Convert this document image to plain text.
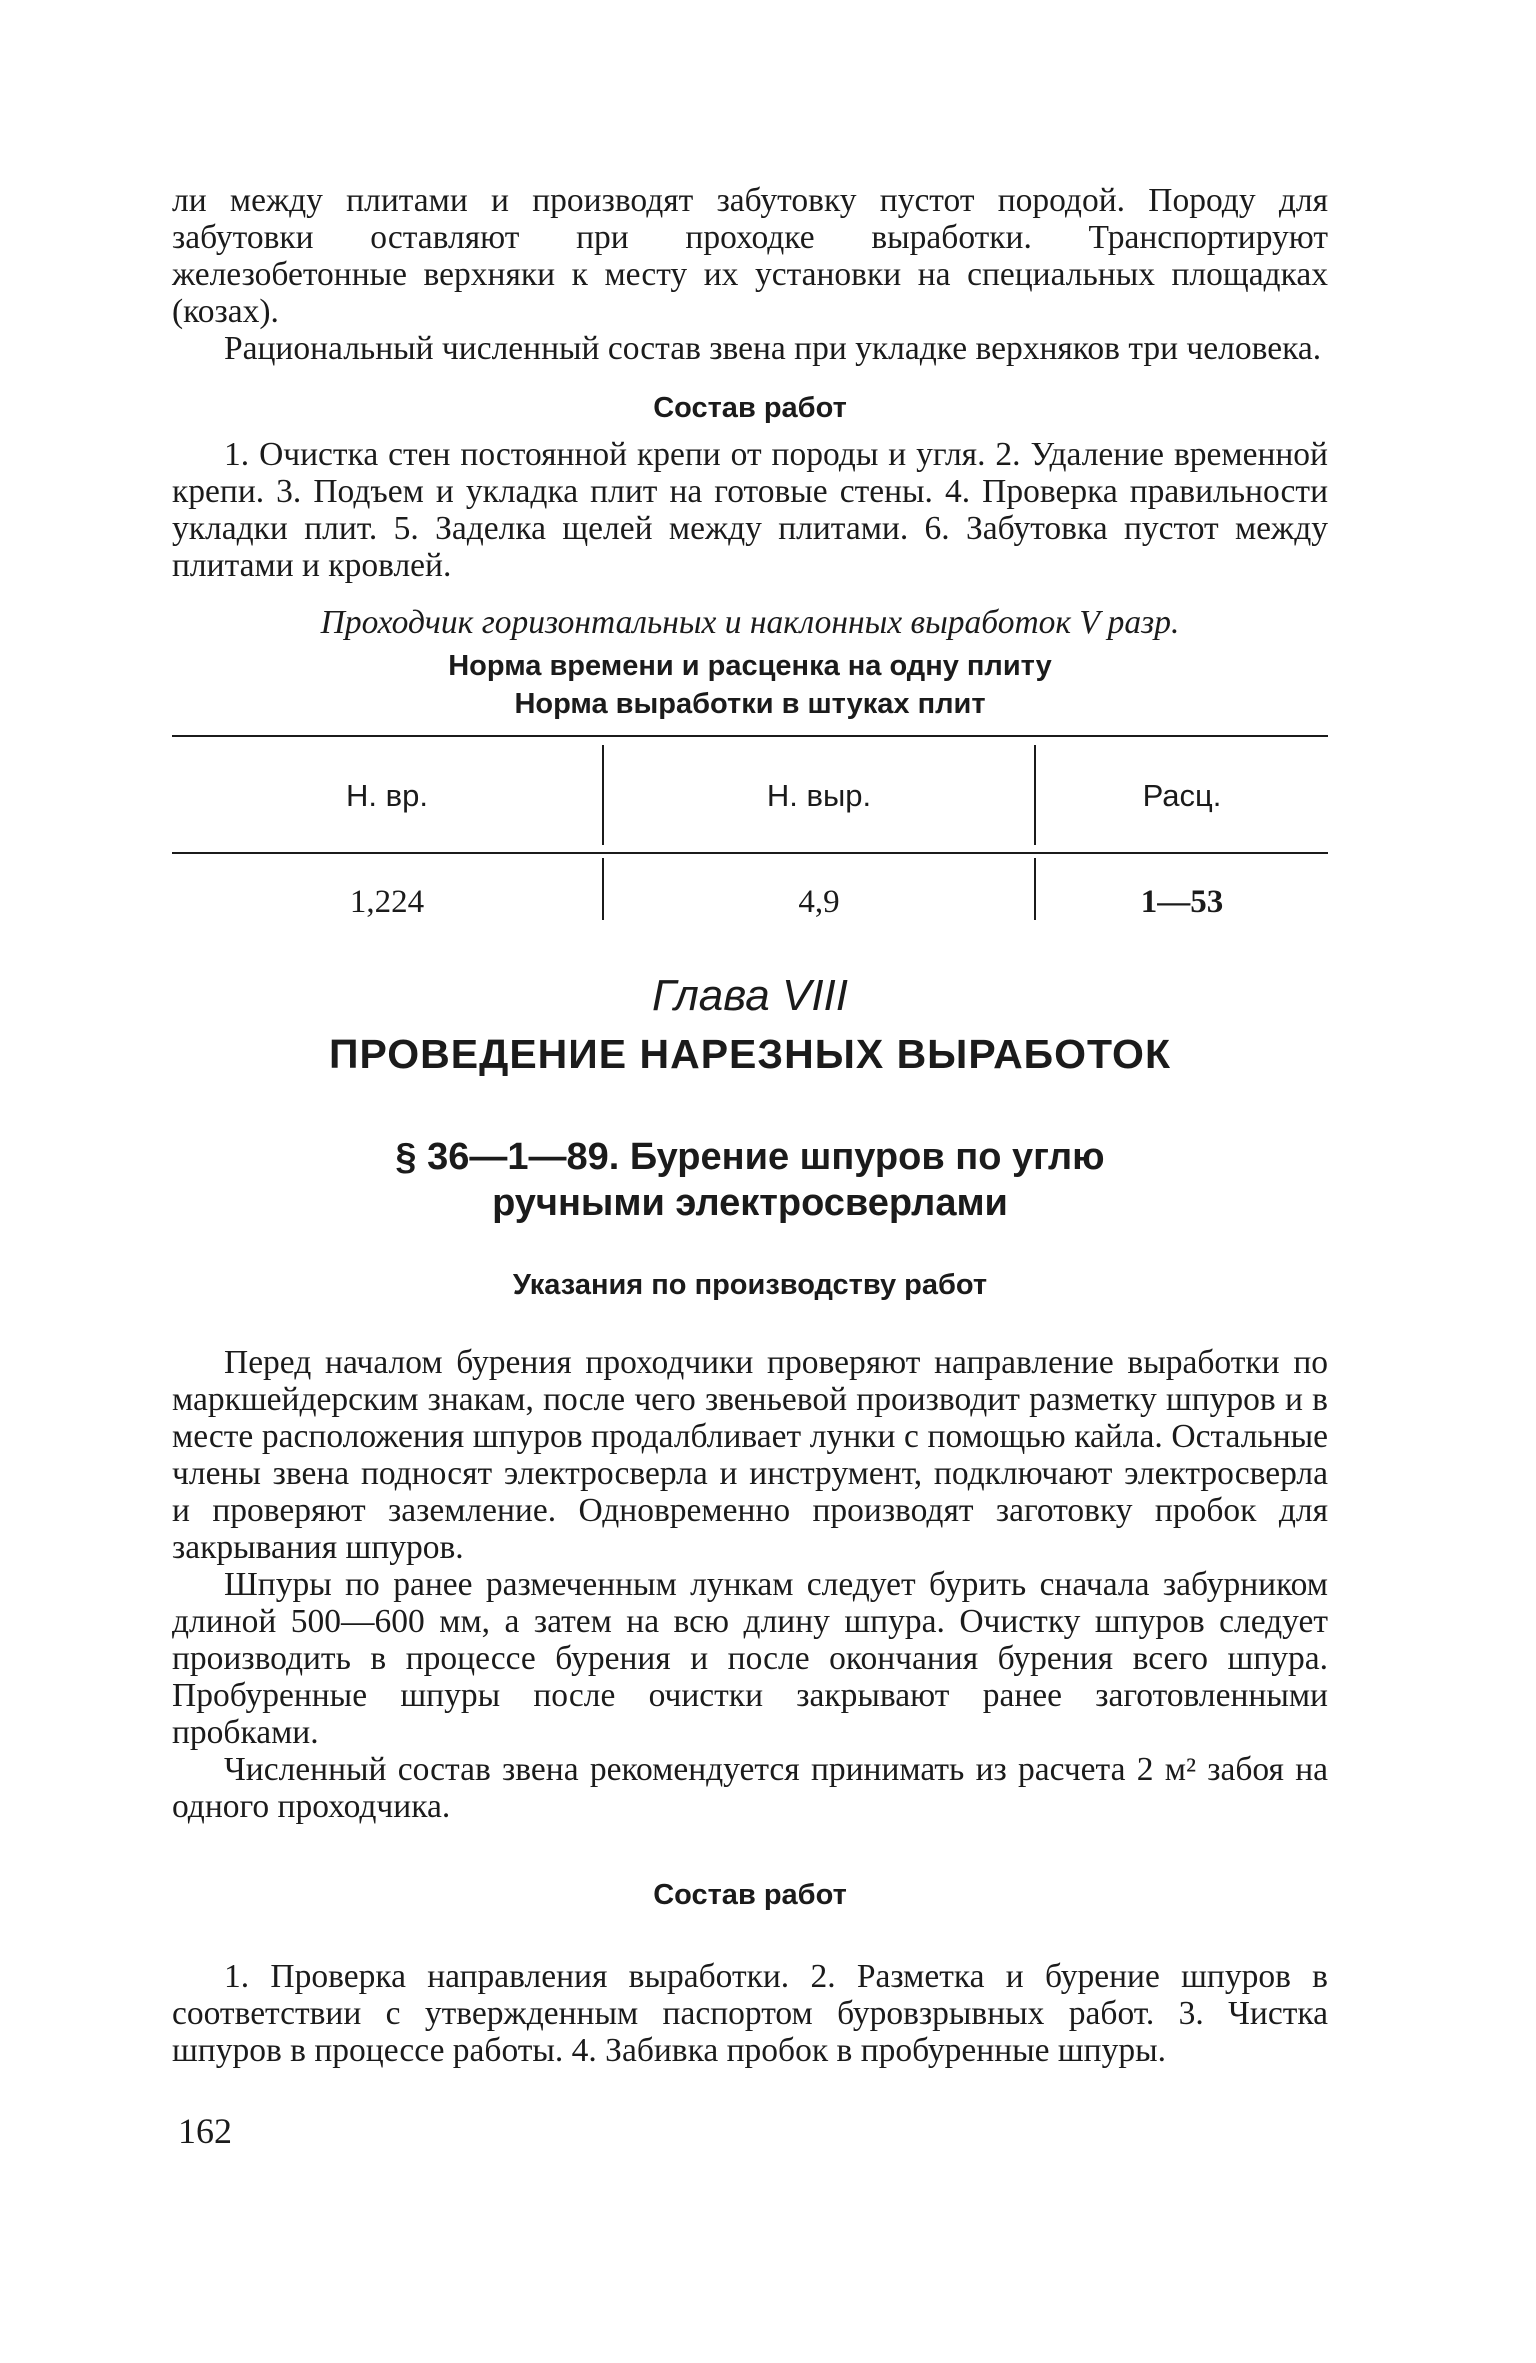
ли между плитами и производят забутовку пустот породой. Породу для забутовки оставляют при проходке выработки. Транспортируют железобетонные верхняки к месту их установки на специальных площадках (козах).

Рациональный численный состав звена при укладке верхняков три человека.

Состав работ

1. Очистка стен постоянной крепи от породы и угля. 2. Удаление временной крепи. 3. Подъем и укладка плит на готовые стены. 4. Проверка правильности укладки плит. 5. Заделка щелей между плитами. 6. Забутовка пустот между плитами и кровлей.

Проходчик горизонтальных и наклонных выработок V разр.

Норма времени и расценка на одну плиту

Норма выработки в штуках плит

Н. вр.	Н. выр.	Расц.
1,224	4,9	1—53

Глава VIII

ПРОВЕДЕНИЕ НАРЕЗНЫХ ВЫРАБОТОК

§ 36—1—89. Бурение шпуров по углю

ручными электросверлами

Указания по производству работ

Перед началом бурения проходчики проверяют направление выработки по маркшейдерским знакам, после чего звеньевой производит разметку шпуров и в месте расположения шпуров продалбливает лунки с помощью кайла. Остальные члены звена подносят электросверла и инструмент, подключают электросверла и проверяют заземление. Одновременно производят заготовку пробок для закрывания шпуров.

Шпуры по ранее размеченным лункам следует бурить сначала забурником длиной 500—600 мм, а затем на всю длину шпура. Очистку шпуров следует производить в процессе бурения и после окончания бурения всего шпура. Пробуренные шпуры после очистки закрывают ранее заготовленными пробками.

Численный состав звена рекомендуется принимать из расчета 2 м² забоя на одного проходчика.

Состав работ

1. Проверка направления выработки. 2. Разметка и бурение шпуров в соответствии с утвержденным паспортом буровзрывных работ. 3. Чистка шпуров в процессе работы. 4. Забивка пробок в пробуренные шпуры.

162
